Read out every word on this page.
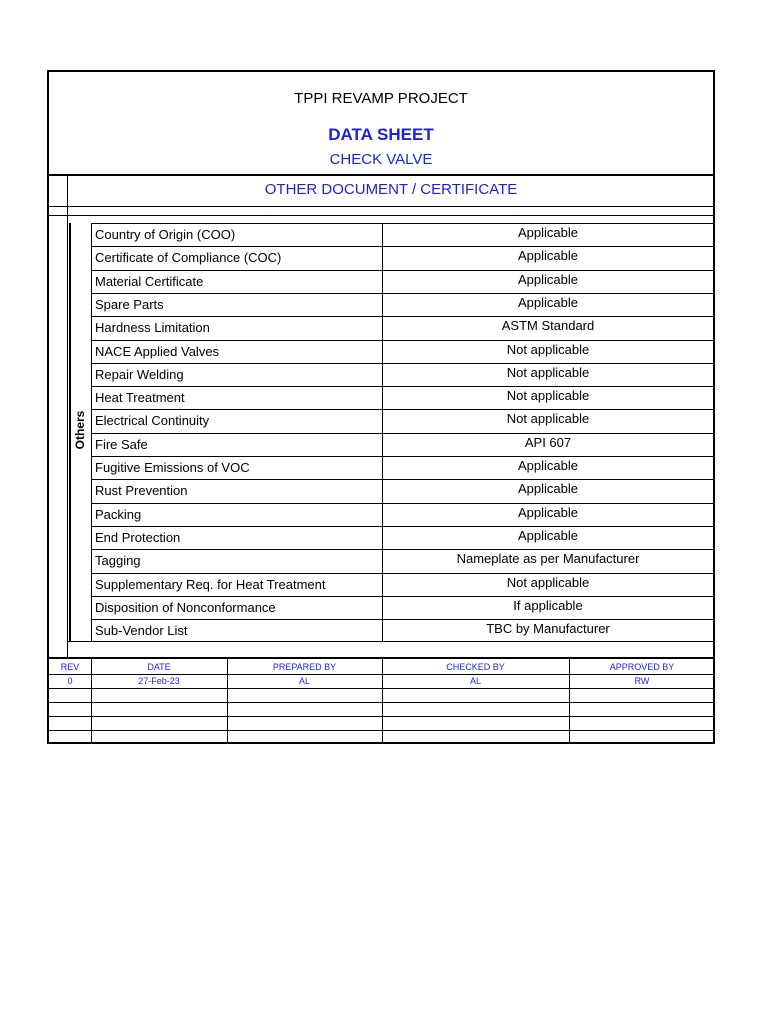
TPPI REVAMP PROJECT
DATA SHEET
CHECK VALVE
OTHER DOCUMENT / CERTIFICATE
Country of Origin (COO)	Applicable
Certificate of Compliance (COC)	Applicable
Material Certificate	Applicable
Spare Parts	Applicable
Hardness Limitation	ASTM Standard
NACE Applied Valves	Not applicable
Repair Welding	Not applicable
Heat Treatment	Not applicable
Electrical Continuity	Not applicable
Fire Safe	API 607
Fugitive Emissions of VOC	Applicable
Rust Prevention	Applicable
Packing	Applicable
End Protection	Applicable
Tagging	Nameplate as per Manufacturer
Supplementary Req. for Heat Treatment	Not applicable
Disposition of Nonconformance	If applicable
Sub-Vendor List	TBC by Manufacturer
Others
REV	DATE	PREPARED BY	CHECKED BY	APPROVED BY
0	27-Feb-23	AL	AL	RW
